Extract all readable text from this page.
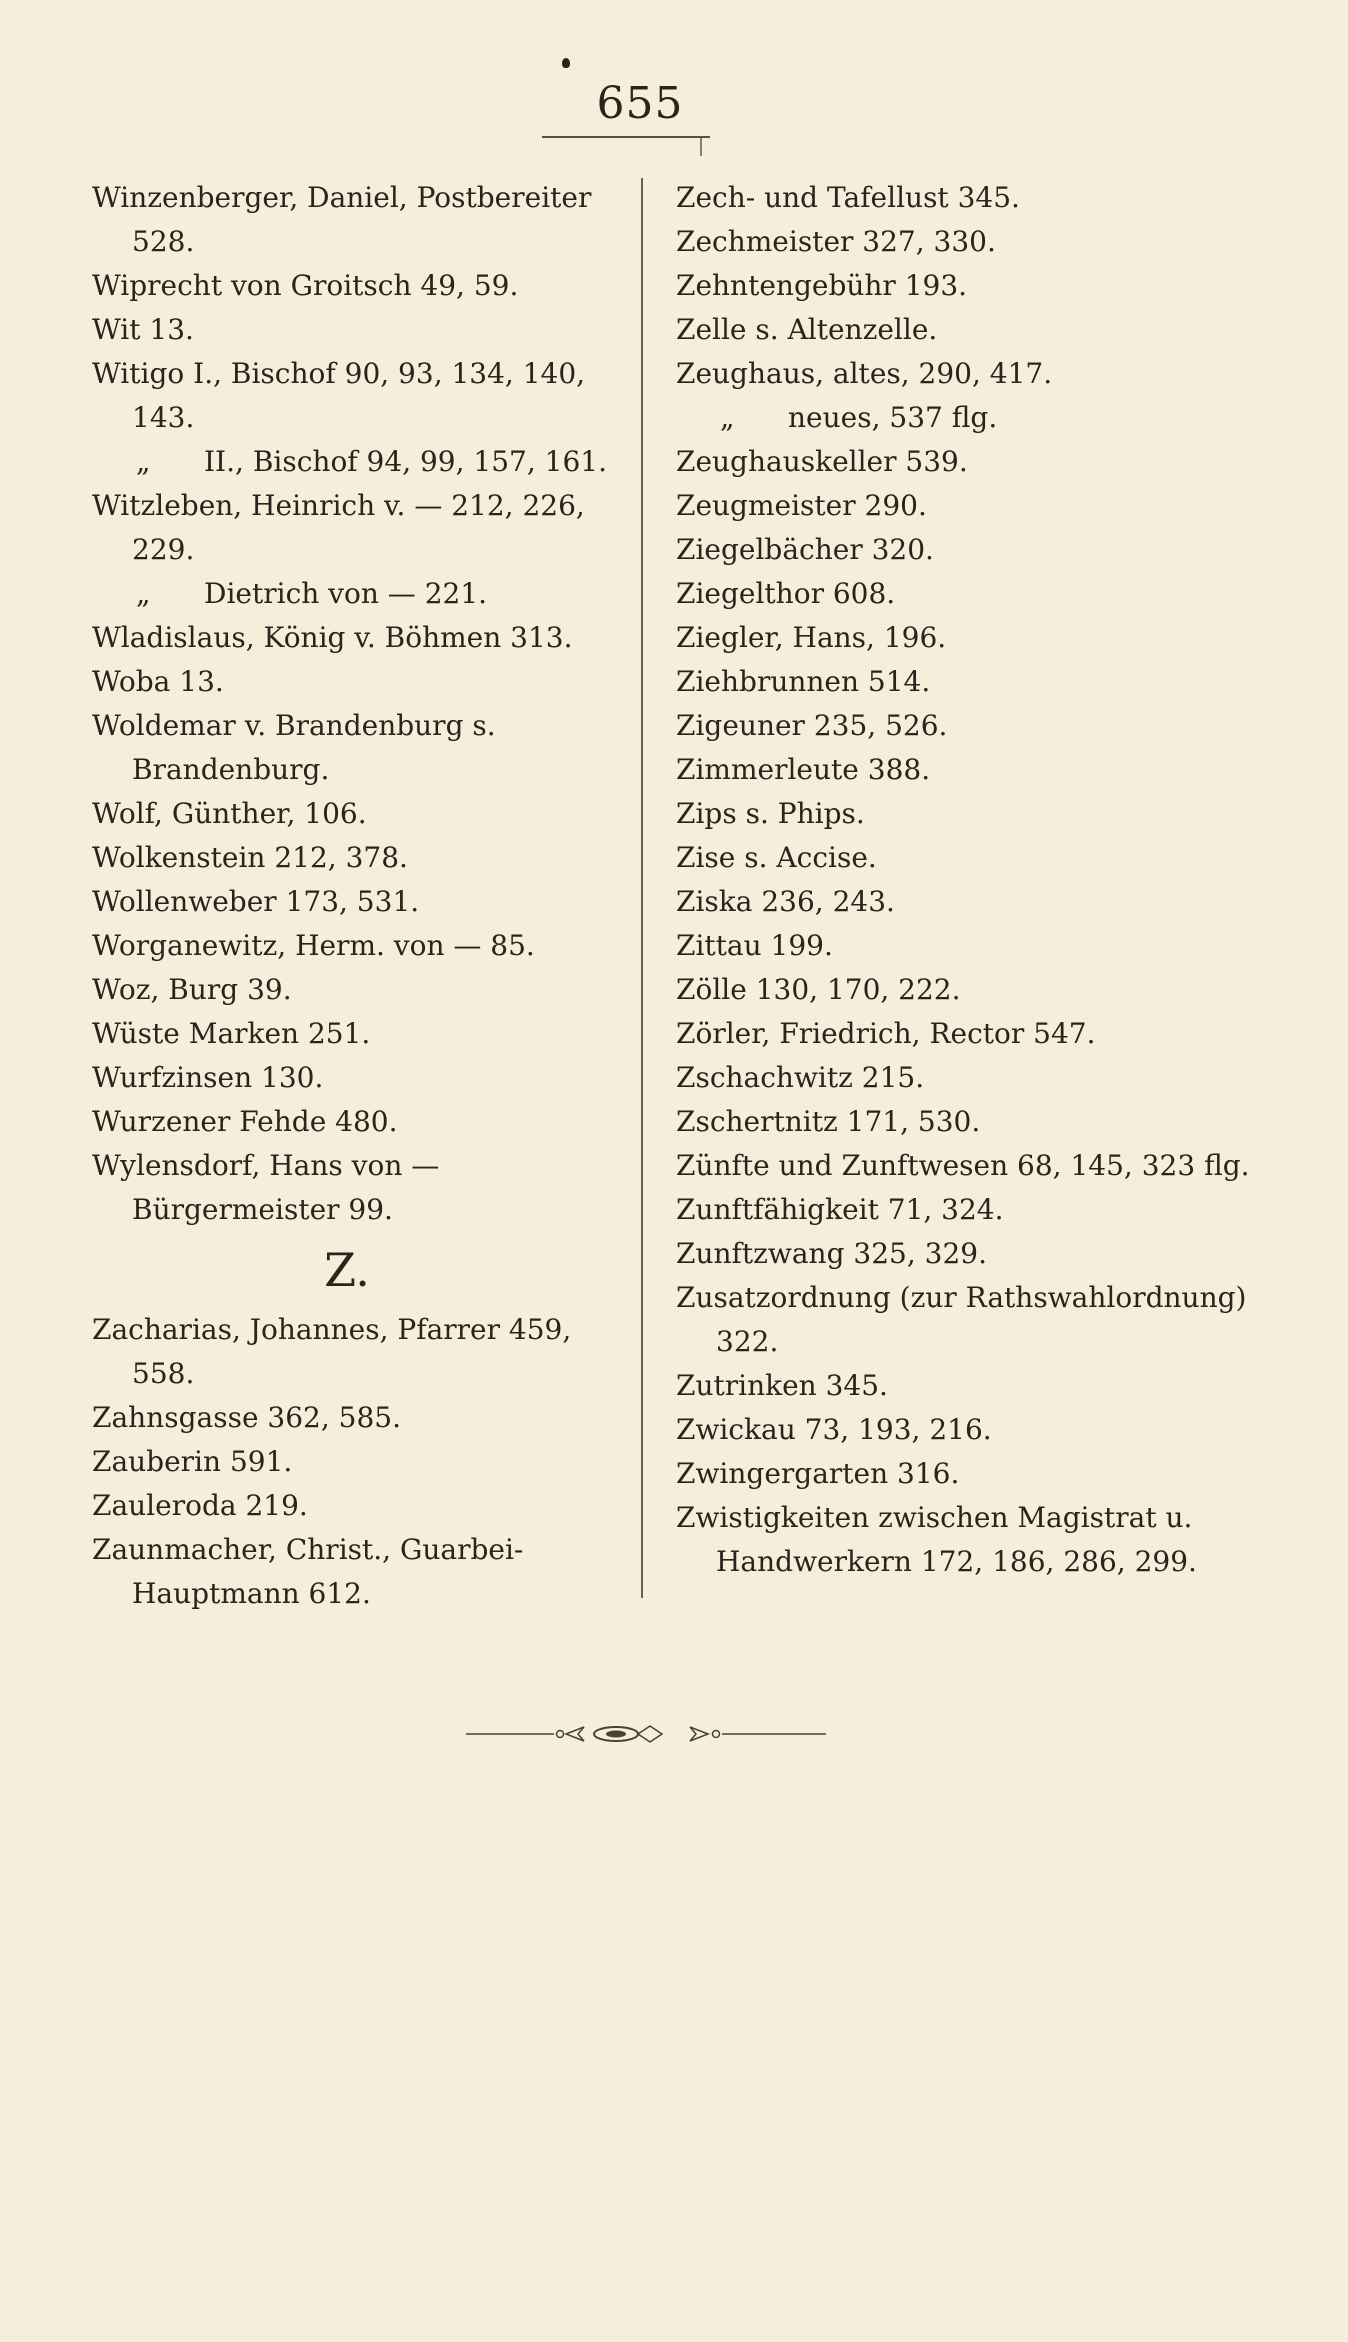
655
Winzenberger, Daniel, Postbereiter 528.
Wiprecht von Groitsch 49, 59.
Wit 13.
Witigo I., Bischof 90, 93, 134, 140, 143.
„ II., Bischof 94, 99, 157, 161.
Witzleben, Heinrich v. — 212, 226, 229.
„ Dietrich von — 221.
Wladislaus, König v. Böhmen 313.
Woba 13.
Woldemar v. Brandenburg s. Brandenburg.
Wolf, Günther, 106.
Wolkenstein 212, 378.
Wollenweber 173, 531.
Worganewitz, Herm. von — 85.
Woz, Burg 39.
Wüste Marken 251.
Wurfzinsen 130.
Wurzener Fehde 480.
Wylensdorf, Hans von — Bürgermeister 99.
Z.
Zacharias, Johannes, Pfarrer 459, 558.
Zahnsgasse 362, 585.
Zauberin 591.
Zauleroda 219.
Zaunmacher, Christ., Guarbei-Hauptmann 612.
Zech- und Tafellust 345.
Zechmeister 327, 330.
Zehntengebühr 193.
Zelle s. Altenzelle.
Zeughaus, altes, 290, 417.
„ neues, 537 flg.
Zeughauskeller 539.
Zeugmeister 290.
Ziegelbächer 320.
Ziegelthor 608.
Ziegler, Hans, 196.
Ziehbrunnen 514.
Zigeuner 235, 526.
Zimmerleute 388.
Zips s. Phips.
Zise s. Accise.
Ziska 236, 243.
Zittau 199.
Zölle 130, 170, 222.
Zörler, Friedrich, Rector 547.
Zschachwitz 215.
Zschertnitz 171, 530.
Zünfte und Zunftwesen 68, 145, 323 flg.
Zunftfähigkeit 71, 324.
Zunftzwang 325, 329.
Zusatzordnung (zur Rathswahlordnung) 322.
Zutrinken 345.
Zwickau 73, 193, 216.
Zwingergarten 316.
Zwistigkeiten zwischen Magistrat u. Handwerkern 172, 186, 286, 299.
